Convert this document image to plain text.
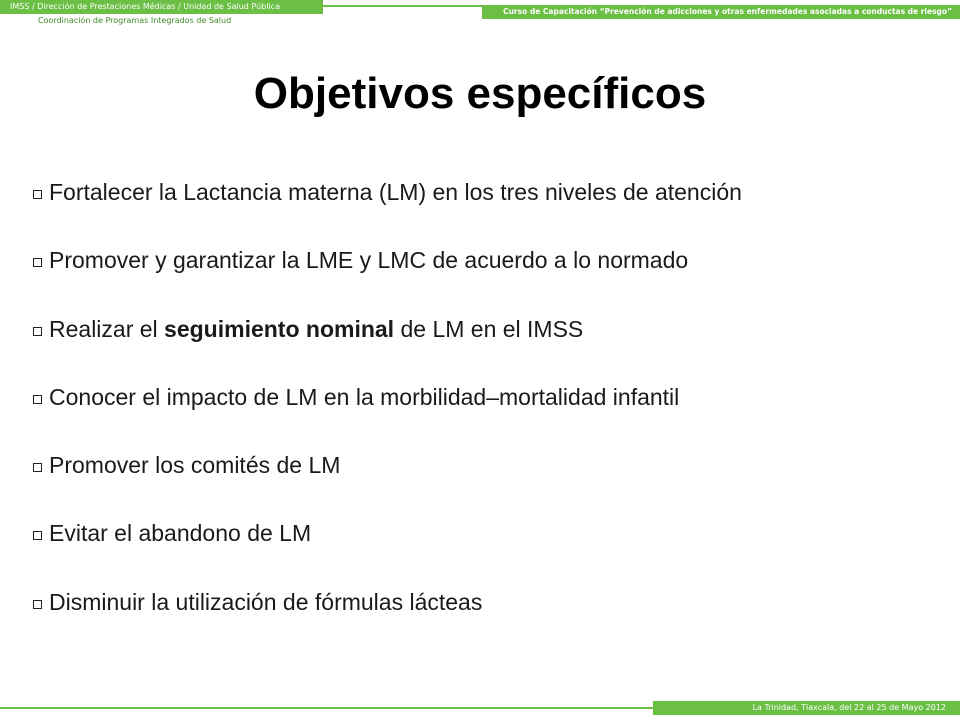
IMSS / Dirección de Prestaciones Médicas / Unidad de Salud Pública
Coordinación de Programas Integrados de Salud
Curso de Capacitación “Prevención de adicciones y otras enfermedades asociadas a conductas de riesgo”
Objetivos específicos
Fortalecer la Lactancia materna (LM) en los tres niveles de atención
Promover y garantizar la LME y LMC de acuerdo a lo normado
Realizar el seguimiento nominal de LM en el IMSS
Conocer el impacto de LM en la morbilidad–mortalidad infantil
Promover los comités de LM
Evitar el abandono de LM
Disminuir la utilización de fórmulas lácteas
La Trinidad, Tlaxcala, del 22 al 25 de Mayo 2012
